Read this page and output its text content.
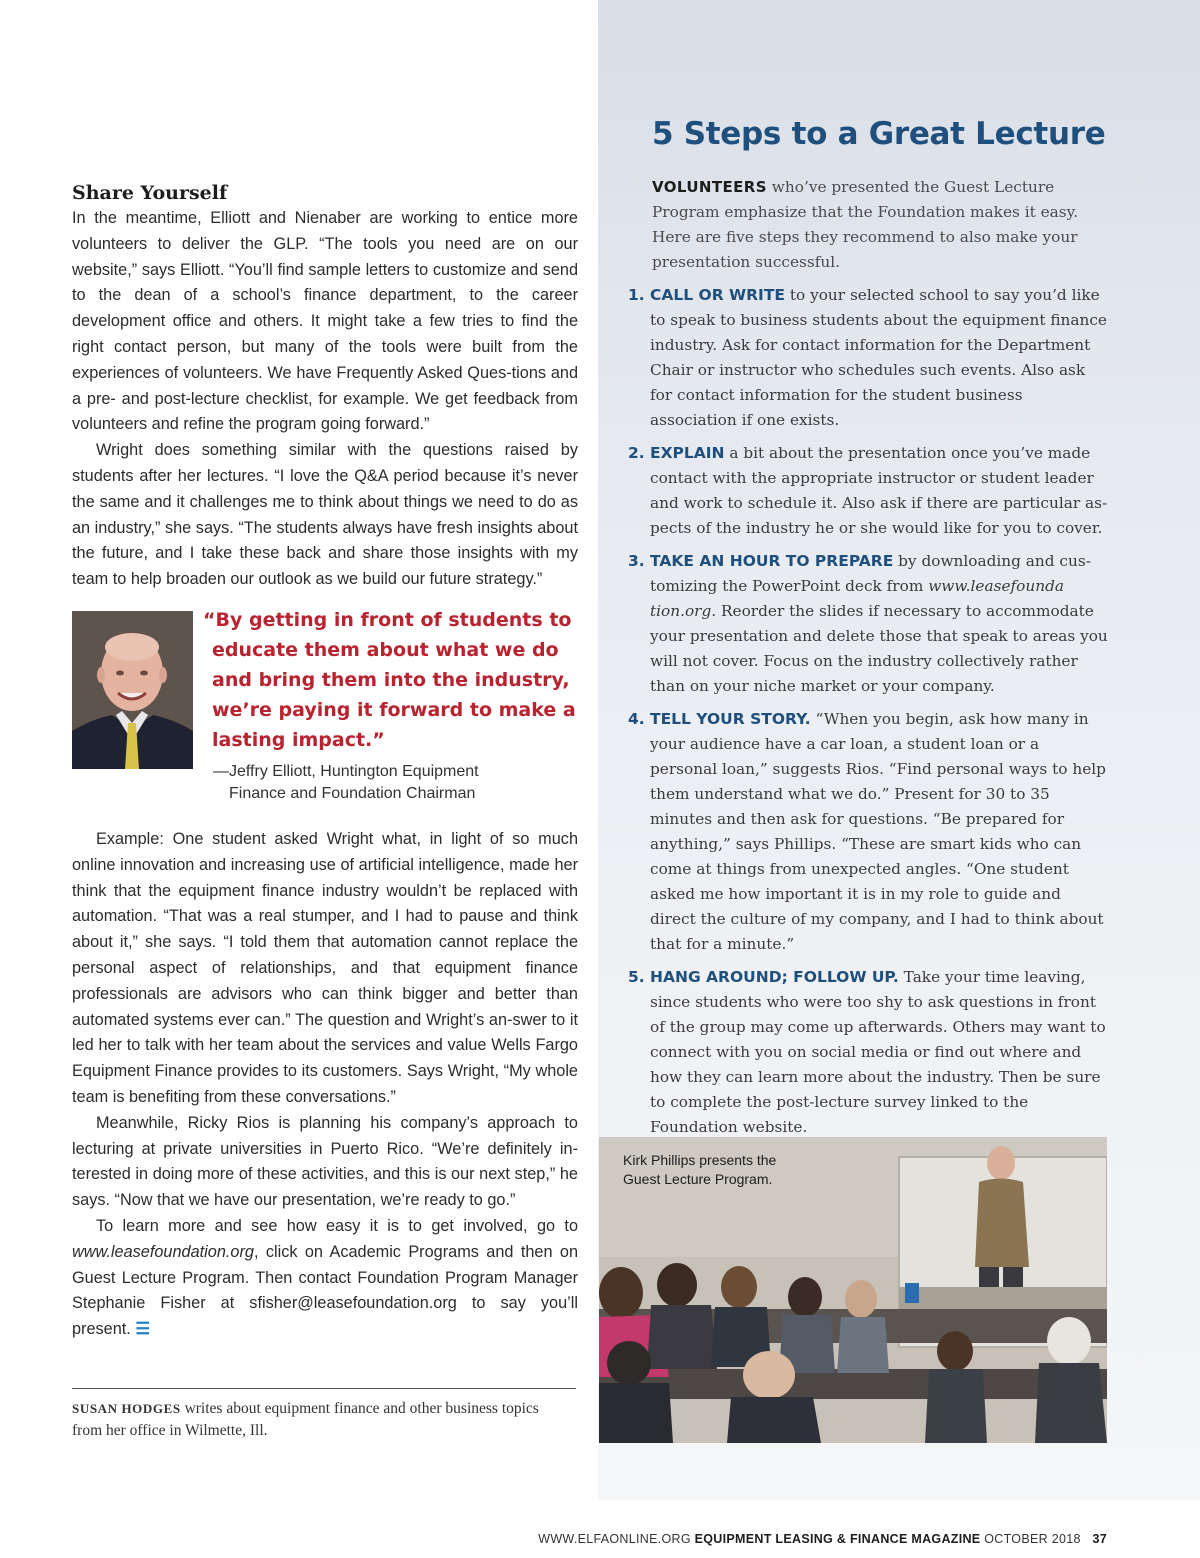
Share Yourself

In the meantime, Elliott and Nienaber are working to entice more volunteers to deliver the GLP. “The tools you need are on our website,” says Elliott. “You’ll find sample letters to customize and send to the dean of a school’s finance department, to the career development office and others. It might take a few tries to find the right contact person, but many of the tools were built from the experiences of volunteers. We have Frequently Asked Ques-tions and a pre- and post-lecture checklist, for example. We get feedback from volunteers and refine the program going forward.”

Wright does something similar with the questions raised by students after her lectures. “I love the Q&A period because it’s never the same and it challenges me to think about things we need to do as an industry,” she says. “The students always have fresh insights about the future, and I take these back and share those insights with my team to help broaden our outlook as we build our future strategy.”

“By getting in front of students to
educate them about what we do
and bring them into the industry,
we’re paying it forward to make a
lasting impact.”
—Jeffry Elliott, Huntington Equipment
Finance and Foundation Chairman

Example: One student asked Wright what, in light of so much online innovation and increasing use of artificial intelligence, made her think that the equipment finance industry wouldn’t be replaced with automation. “That was a real stumper, and I had to pause and think about it,” she says. “I told them that automation cannot replace the personal aspect of relationships, and that equipment finance professionals are advisors who can think bigger and better than automated systems ever can.” The question and Wright’s an-swer to it led her to talk with her team about the services and value Wells Fargo Equipment Finance provides to its customers. Says Wright, “My whole team is benefiting from these conversations.”

Meanwhile, Ricky Rios is planning his company’s approach to lecturing at private universities in Puerto Rico. “We’re definitely in-terested in doing more of these activities, and this is our next step,” he says. “Now that we have our presentation, we’re ready to go.”

To learn more and see how easy it is to get involved, go to www.leasefoundation.org, click on Academic Programs and then on Guest Lecture Program. Then contact Foundation Program Manager Stephanie Fisher at sfisher@leasefoundation.org to say you’ll present. ☰

SUSAN HODGES writes about equipment finance and other business topics from her office in Wilmette, Ill.
5 Steps to a Great Lecture
VOLUNTEERS who’ve presented the Guest Lecture Program emphasize that the Foundation makes it easy. Here are five steps they recommend to also make your presentation successful.
1. CALL OR WRITE to your selected school to say you’d like to speak to business students about the equipment finance industry. Ask for contact information for the Department Chair or instructor who schedules such events. Also ask for contact information for the student business association if one exists.
2. EXPLAIN a bit about the presentation once you’ve made contact with the appropriate instructor or student leader and work to schedule it. Also ask if there are particular as-pects of the industry he or she would like for you to cover.
3. TAKE AN HOUR TO PREPARE by downloading and cus-tomizing the PowerPoint deck from www.leasefounda tion.org. Reorder the slides if necessary to accommodate your presentation and delete those that speak to areas you will not cover. Focus on the industry collectively rather than on your niche market or your company.
4. TELL YOUR STORY. “When you begin, ask how many in your audience have a car loan, a student loan or a personal loan,” suggests Rios. “Find personal ways to help them understand what we do.” Present for 30 to 35 minutes and then ask for questions. “Be prepared for anything,” says Phillips. “These are smart kids who can come at things from unexpected angles. “One student asked me how important it is in my role to guide and direct the culture of my company, and I had to think about that for a minute.”
5. HANG AROUND; FOLLOW UP. Take your time leaving, since students who were too shy to ask questions in front of the group may come up afterwards. Others may want to connect with you on social media or find out where and how they can learn more about the industry. Then be sure to complete the post-lecture survey linked to the Foundation website.
Kirk Phillips presents the Guest Lecture Program.
WWW.ELFAONLINE.ORG EQUIPMENT LEASING & FINANCE MAGAZINE OCTOBER 2018 37
